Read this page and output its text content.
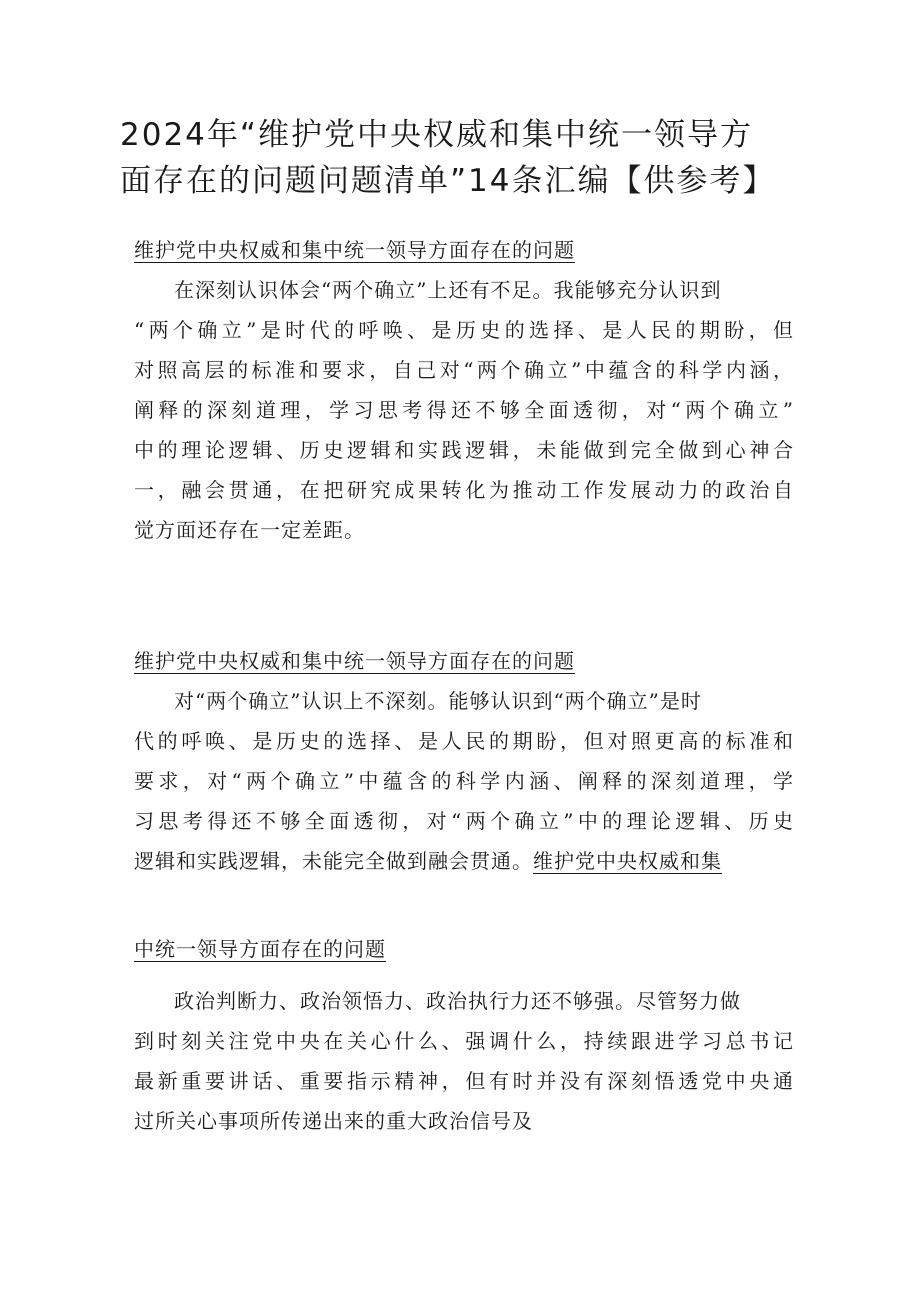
2024年“维护党中央权威和集中统一领导方
面存在的问题问题清单”14条汇编【供参考】
维护党中央权威和集中统一领导方面存在的问题
在深刻认识体会“两个确立”上还有不足。我能够充分认识到
“两个确立”是时代的呼唤、是历史的选择、是人民的期盼，但
对照高层的标准和要求，自己对“两个确立”中蕴含的科学内涵，
阐释的深刻道理，学习思考得还不够全面透彻，对“两个确立”
中的理论逻辑、历史逻辑和实践逻辑，未能做到完全做到心神合
一，融会贯通，在把研究成果转化为推动工作发展动力的政治自
觉方面还存在一定差距。
维护党中央权威和集中统一领导方面存在的问题
对“两个确立”认识上不深刻。能够认识到“两个确立”是时
代的呼唤、是历史的选择、是人民的期盼，但对照更高的标准和
要求，对“两个确立”中蕴含的科学内涵、阐释的深刻道理，学
习思考得还不够全面透彻，对“两个确立”中的理论逻辑、历史
逻辑和实践逻辑，未能完全做到融会贯通。维护党中央权威和集
中统一领导方面存在的问题
政治判断力、政治领悟力、政治执行力还不够强。尽管努力做
到时刻关注党中央在关心什么、强调什么，持续跟进学习总书记
最新重要讲话、重要指示精神，但有时并没有深刻悟透党中央通
过所关心事项所传递出来的重大政治信号及
